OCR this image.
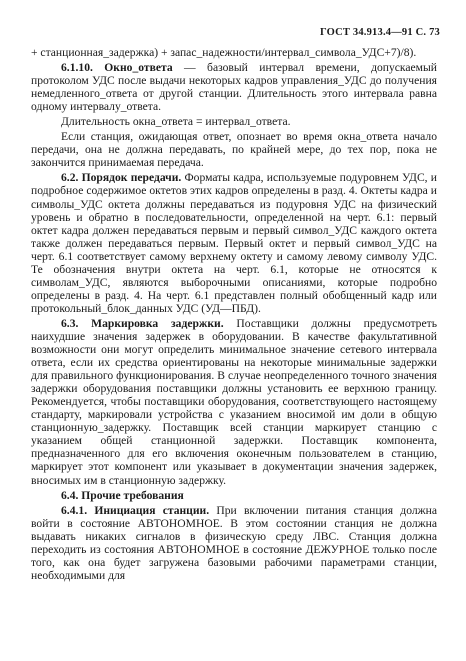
ГОСТ 34.913.4—91 С. 73

+ станционная_задержка) + запас_надежности/интервал_символа_УДС+7)/8).

6.1.10. Окно_ответа — базовый интервал времени, допускаемый протоколом УДС после выдачи некоторых кадров управления_УДС до получения немедленного_ответа от другой станции. Длительность этого интервала равна одному интервалу_ответа.

Длительность окна_ответа = интервал_ответа.

Если станция, ожидающая ответ, опознает во время окна_ответа начало передачи, она не должна передавать, по крайней мере, до тех пор, пока не закончится принимаемая передача.

6.2. Порядок передачи. Форматы кадра, используемые подуровнем УДС, и подробное содержимое октетов этих кадров определены в разд. 4. Октеты кадра и символы_УДС октета должны передаваться из подуровня УДС на физический уровень и обратно в последовательности, определенной на черт. 6.1: первый октет кадра должен передаваться первым и первый символ_УДС каждого октета также должен передаваться первым. Первый октет и первый символ_УДС на черт. 6.1 соответствует самому верхнему октету и самому левому символу УДС. Те обозначения внутри октета на черт. 6.1, которые не относятся к символам_УДС, являются выборочными описаниями, которые подробно определены в разд. 4. На черт. 6.1 представлен полный обобщенный кадр или протокольный_блок_данных УДС (УД—ПБД).

6.3. Маркировка задержки. Поставщики должны предусмотреть наихудшие значения задержек в оборудовании. В качестве факультативной возможности они могут определить минимальное значение сетевого интервала ответа, если их средства ориентированы на некоторые минимальные задержки для правильного функционирования. В случае неопределенного точного значения задержки оборудования поставщики должны установить ее верхнюю границу. Рекомендуется, чтобы поставщики оборудования, соответствующего настоящему стандарту, маркировали устройства с указанием вносимой им доли в общую станционную_задержку. Поставщик всей станции маркирует станцию с указанием общей станционной задержки. Поставщик компонента, предназначенного для его включения оконечным пользователем в станцию, маркирует этот компонент или указывает в документации значения задержек, вносимых им в станционную задержку.

6.4. Прочие требования

6.4.1. Инициация станции. При включении питания станция должна войти в состояние АВТОНОМНОЕ. В этом состоянии станция не должна выдавать никаких сигналов в физическую среду ЛВС. Станция должна переходить из состояния АВТОНОМНОЕ в состояние ДЕЖУРНОЕ только после того, как она будет загружена базовыми рабочими параметрами станции, необходимыми для
